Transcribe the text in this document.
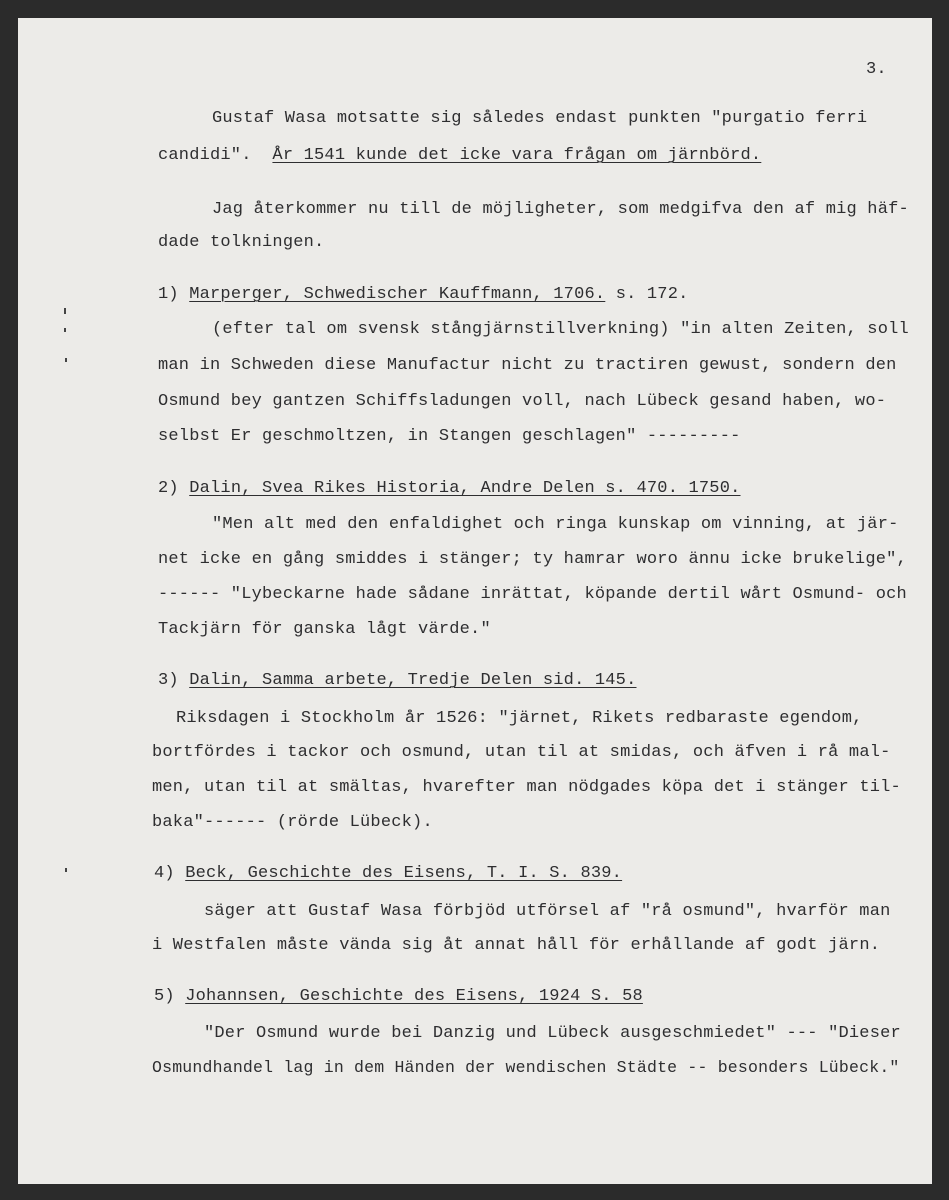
3.
Gustaf Wasa motsatte sig således endast punkten "purgatio ferri
candidi".  År 1541 kunde det icke vara frågan om järnbörd.
Jag återkommer nu till de möjligheter, som medgifva den af mig häf-
dade tolkningen.
1) Marperger, Schwedischer Kauffmann, 1706. s. 172.
(efter tal om svensk stångjärnstillverkning) "in alten Zeiten, soll
man in Schweden diese Manufactur nicht zu tractiren gewust, sondern den
Osmund bey gantzen Schiffsladungen voll, nach Lübeck gesand haben, wo-
selbst Er geschmoltzen, in Stangen geschlagen" ---------
2) Dalin, Svea Rikes Historia, Andre Delen s. 470. 1750.
"Men alt med den enfaldighet och ringa kunskap om vinning, at jär-
net icke en gång smiddes i stänger; ty hamrar woro ännu icke brukelige",
------ "Lybeckarne hade sådane inrättat, köpande dertil wårt Osmund- och
Tackjärn för ganska lågt värde."
3) Dalin, Samma arbete, Tredje Delen sid. 145.
Riksdagen i Stockholm år 1526: "järnet, Rikets redbaraste egendom,
bortfördes i tackor och osmund, utan til at smidas, och äfven i rå mal-
men, utan til at smältas, hvarefter man nödgades köpa det i stänger til-
baka"------ (rörde Lübeck).
4) Beck, Geschichte des Eisens, T. I. S. 839.
säger att Gustaf Wasa förbjöd utförsel af "rå osmund", hvarför man
i Westfalen måste vända sig åt annat håll för erhållande af godt järn.
5) Johannsen, Geschichte des Eisens, 1924 S. 58
"Der Osmund wurde bei Danzig und Lübeck ausgeschmiedet" --- "Dieser
Osmundhandel lag in dem Händen der wendischen Städte -- besonders Lübeck."
